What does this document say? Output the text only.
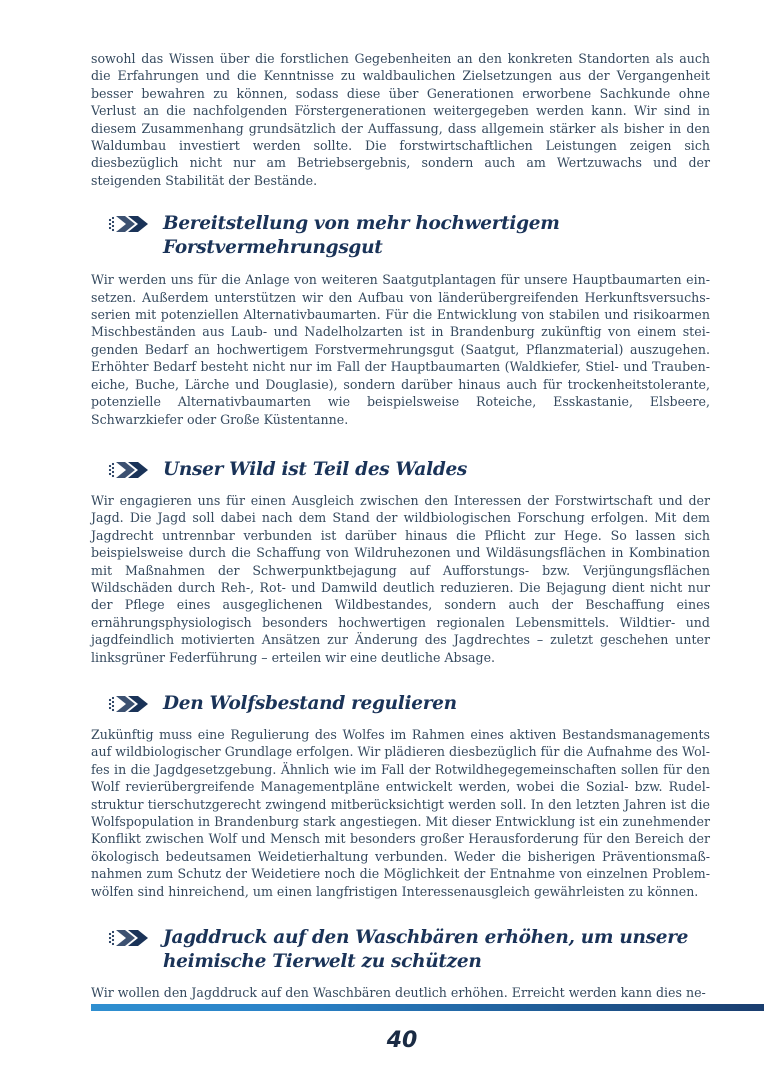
sowohl das Wissen über die forstlichen Gegebenheiten an den konkreten Standorten als auch die Erfahrungen und die Kenntnisse zu waldbaulichen Zielsetzungen aus der Vergangenheit besser bewahren zu können, sodass diese über Generationen erworbene Sachkunde ohne Verlust an die nachfolgenden Förstergenerationen weitergegeben werden kann. Wir sind in diesem Zusammenhang grundsätzlich der Auffassung, dass allgemein stärker als bisher in den Waldumbau investiert werden sollte. Die forstwirtschaftlichen Leistungen zeigen sich diesbezüglich nicht nur am Betriebsergebnis, sondern auch am Wertzuwachs und der steigenden Stabilität der Bestände.

Bereitstellung von mehr hochwertigem
Forstvermehrungsgut

Wir werden uns für die Anlage von weiteren Saatgutplantagen für unsere Hauptbaumarten einsetzen. Außerdem unterstützen wir den Aufbau von länderübergreifenden Herkunftsversuchsserien mit potenziellen Alternativbaumarten. Für die Entwicklung von stabilen und risikoarmen Mischbeständen aus Laub- und Nadelholzarten ist in Brandenburg zukünftig von einem steigenden Bedarf an hochwertigem Forstvermehrungsgut (Saatgut, Pflanzmaterial) auszugehen. Erhöhter Bedarf besteht nicht nur im Fall der Hauptbaumarten (Waldkiefer, Stiel- und Traubeneiche, Buche, Lärche und Douglasie), sondern darüber hinaus auch für trockenheitstolerante, potenzielle Alternativbaumarten wie beispielsweise Roteiche, Esskastanie, Elsbeere, Schwarzkiefer oder Große Küstentanne.

Unser Wild ist Teil des Waldes

Wir engagieren uns für einen Ausgleich zwischen den Interessen der Forstwirtschaft und der Jagd. Die Jagd soll dabei nach dem Stand der wildbiologischen Forschung erfolgen. Mit dem Jagdrecht untrennbar verbunden ist darüber hinaus die Pflicht zur Hege. So lassen sich beispielsweise durch die Schaffung von Wildruhezonen und Wildäsungsflächen in Kombination mit Maßnahmen der Schwerpunktbejagung auf Aufforstungs- bzw. Verjüngungsflächen Wildschäden durch Reh-, Rot- und Damwild deutlich reduzieren. Die Bejagung dient nicht nur der Pflege eines ausgeglichenen Wildbestandes, sondern auch der Beschaffung eines ernährungsphysiologisch besonders hochwertigen regionalen Lebensmittels. Wildtier- und jagdfeindlich motivierten Ansätzen zur Änderung des Jagdrechtes – zuletzt geschehen unter linksgrüner Federführung – erteilen wir eine deutliche Absage.

Den Wolfsbestand regulieren

Zukünftig muss eine Regulierung des Wolfes im Rahmen eines aktiven Bestandsmanagements auf wildbiologischer Grundlage erfolgen. Wir plädieren diesbezüglich für die Aufnahme des Wolfes in die Jagdgesetzgebung. Ähnlich wie im Fall der Rotwildhegegemeinschaften sollen für den Wolf revierübergreifende Managementpläne entwickelt werden, wobei die Sozial- bzw. Rudelstruktur tierschutzgerecht zwingend mitberücksichtigt werden soll. In den letzten Jahren ist die Wolfspopulation in Brandenburg stark angestiegen. Mit dieser Entwicklung ist ein zunehmender Konflikt zwischen Wolf und Mensch mit besonders großer Herausforderung für den Bereich der ökologisch bedeutsamen Weidetierhaltung verbunden. Weder die bisherigen Präventionsmaßnahmen zum Schutz der Weidetiere noch die Möglichkeit der Entnahme von einzelnen Problemwölfen sind hinreichend, um einen langfristigen Interessenausgleich gewährleisten zu können.

Jagddruck auf den Waschbären erhöhen, um unsere
heimische Tierwelt zu schützen

Wir wollen den Jagddruck auf den Waschbären deutlich erhöhen. Erreicht werden kann dies ne-

40
